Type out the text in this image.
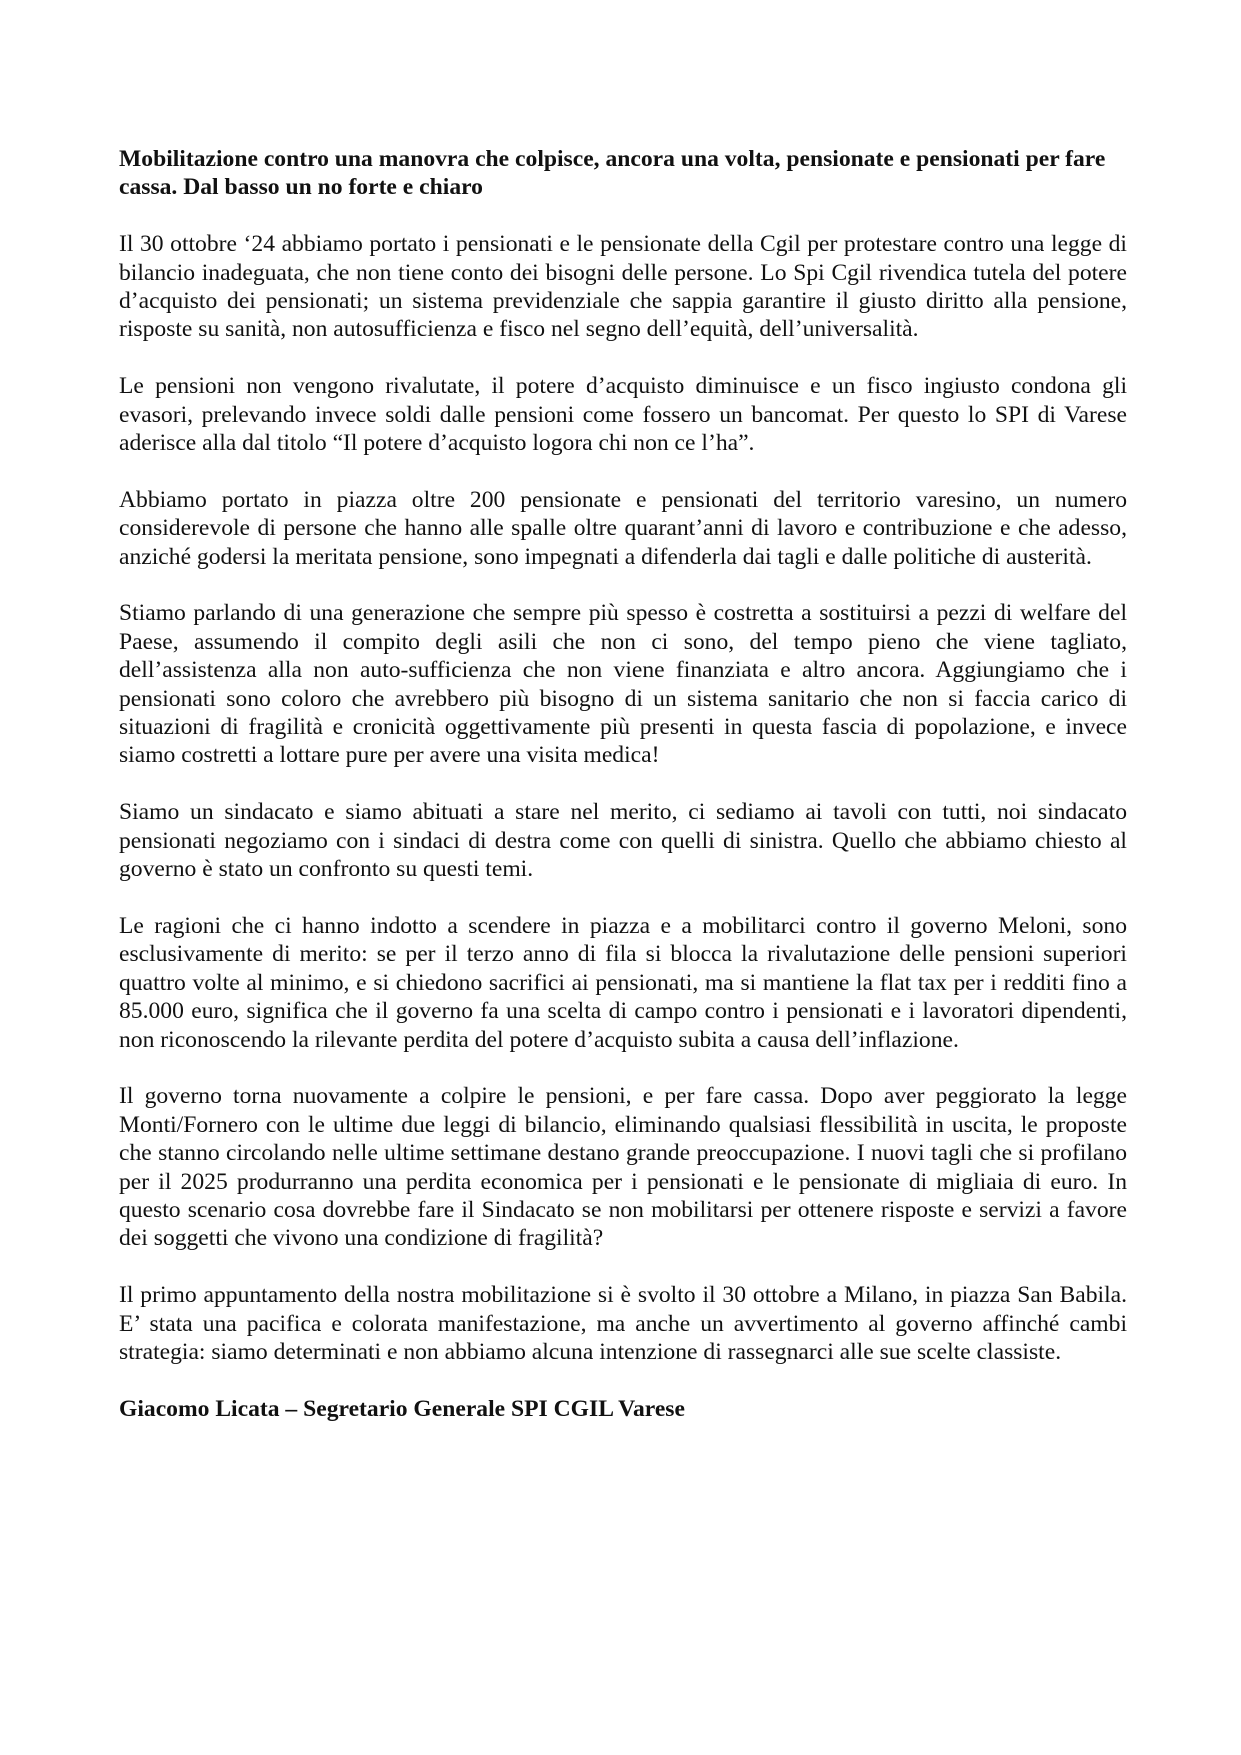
Mobilitazione contro una manovra che colpisce, ancora una volta, pensionate e pensionati per fare cassa. Dal basso un no forte e chiaro

Il 30 ottobre ‘24 abbiamo portato i pensionati e le pensionate della Cgil per protestare contro una legge di bilancio inadeguata, che non tiene conto dei bisogni delle persone. Lo Spi Cgil rivendica tutela del potere d’acquisto dei pensionati; un sistema previdenziale che sappia garantire il giusto diritto alla pensione, risposte su sanità, non autosufficienza e fisco nel segno dell’equità, dell’universalità.

Le pensioni non vengono rivalutate, il potere d’acquisto diminuisce e un fisco ingiusto condona gli evasori, prelevando invece soldi dalle pensioni come fossero un bancomat. Per questo lo SPI di Varese aderisce alla dal titolo “Il potere d’acquisto logora chi non ce l’ha”.

Abbiamo portato in piazza oltre 200 pensionate e pensionati del territorio varesino, un numero considerevole di persone che hanno alle spalle oltre quarant’anni di lavoro e contribuzione e che adesso, anziché godersi la meritata pensione, sono impegnati a difenderla dai tagli e dalle politiche di austerità.

Stiamo parlando di una generazione che sempre più spesso è costretta a sostituirsi a pezzi di welfare del Paese, assumendo il compito degli asili che non ci sono, del tempo pieno che viene tagliato, dell’assistenza alla non auto-sufficienza che non viene finanziata e altro ancora. Aggiungiamo che i pensionati sono coloro che avrebbero più bisogno di un sistema sanitario che non si faccia carico di situazioni di fragilità e cronicità oggettivamente più presenti in questa fascia di popolazione, e invece siamo costretti a lottare pure per avere una visita medica!

Siamo un sindacato e siamo abituati a stare nel merito, ci sediamo ai tavoli con tutti, noi sindacato pensionati negoziamo con i sindaci di destra come con quelli di sinistra. Quello che abbiamo chiesto al governo è stato un confronto su questi temi.

Le ragioni che ci hanno indotto a scendere in piazza e a mobilitarci contro il governo Meloni, sono esclusivamente di merito: se per il terzo anno di fila si blocca la rivalutazione delle pensioni superiori quattro volte al minimo, e si chiedono sacrifici ai pensionati, ma si mantiene la flat tax per i redditi fino a 85.000 euro, significa che il governo fa una scelta di campo contro i pensionati e i lavoratori dipendenti, non riconoscendo la rilevante perdita del potere d’acquisto subita a causa dell’inflazione.

Il governo torna nuovamente a colpire le pensioni, e per fare cassa. Dopo aver peggiorato la legge Monti/Fornero con le ultime due leggi di bilancio, eliminando qualsiasi flessibilità in uscita, le proposte che stanno circolando nelle ultime settimane destano grande preoccupazione. I nuovi tagli che si profilano per il 2025 produrranno una perdita economica per i pensionati e le pensionate di migliaia di euro. In questo scenario cosa dovrebbe fare il Sindacato se non mobilitarsi per ottenere risposte e servizi a favore dei soggetti che vivono una condizione di fragilità?

Il primo appuntamento della nostra mobilitazione si è svolto il 30 ottobre a Milano, in piazza San Babila. E’ stata una pacifica e colorata manifestazione, ma anche un avvertimento al governo affinché cambi strategia: siamo determinati e non abbiamo alcuna intenzione di rassegnarci alle sue scelte classiste.

Giacomo Licata – Segretario Generale SPI CGIL Varese
